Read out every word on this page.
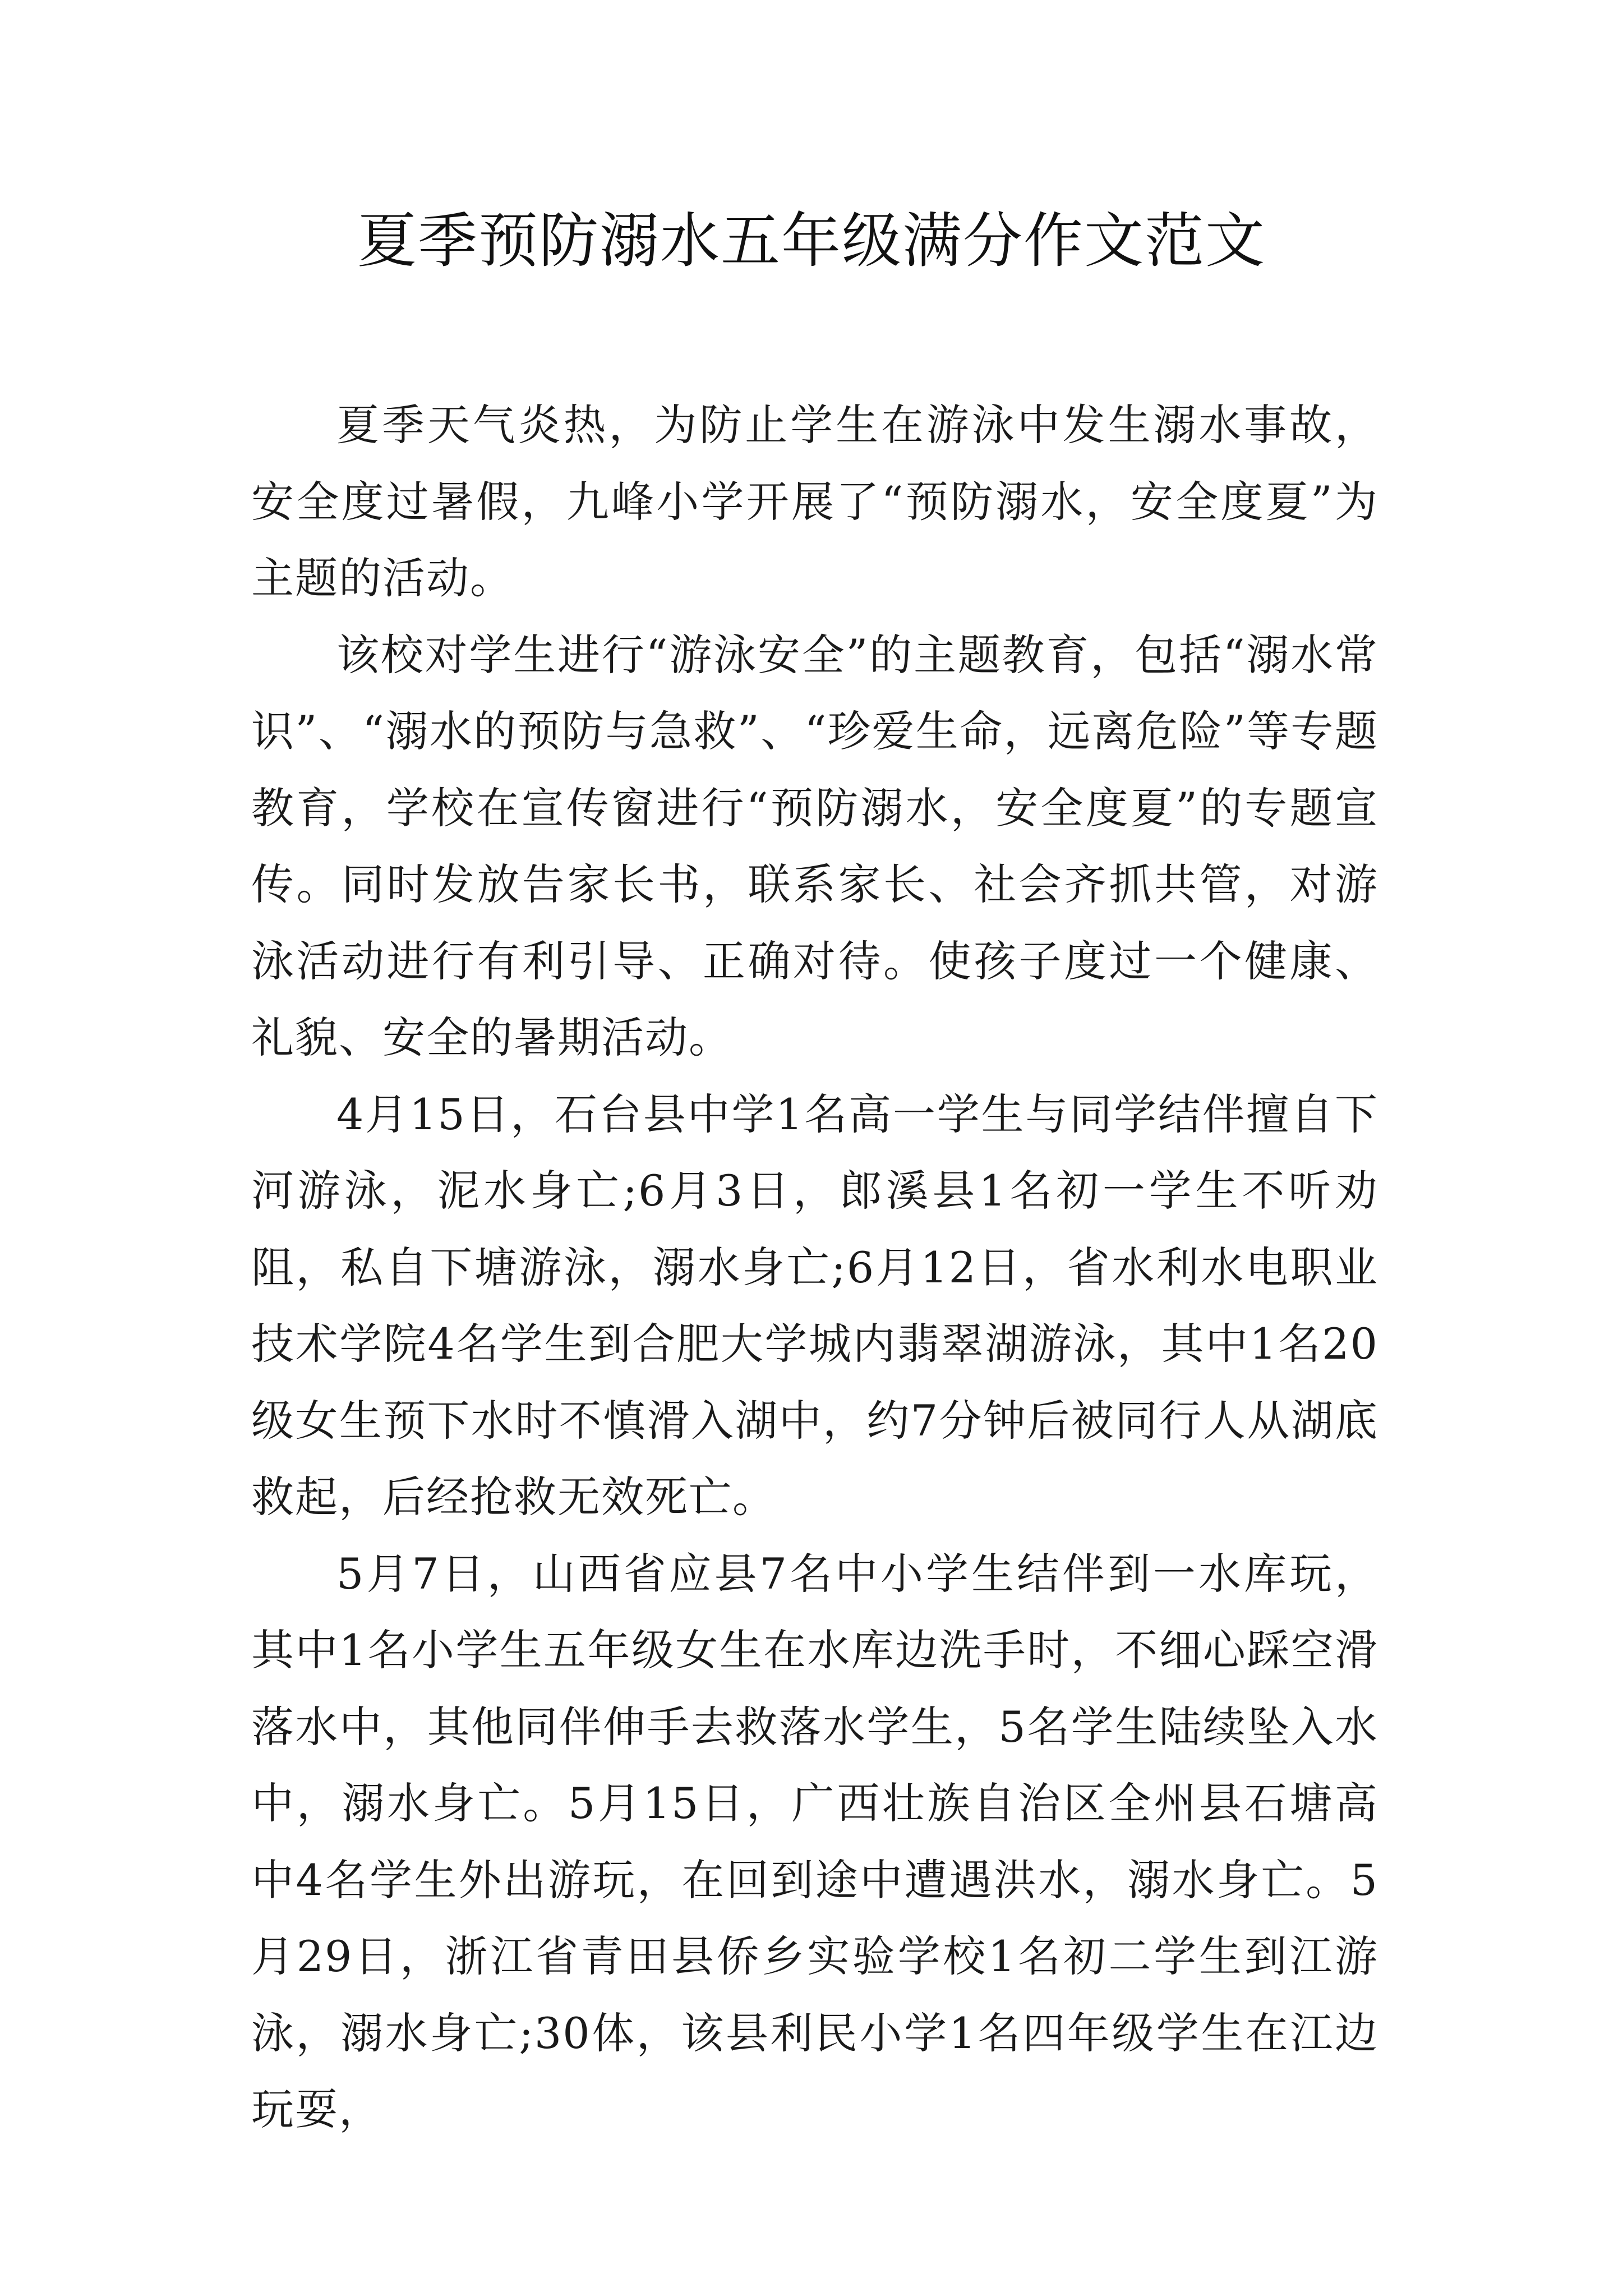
夏季预防溺水五年级满分作文范文

夏季天气炎热，为防止学生在游泳中发生溺水事故，安全度过暑假，九峰小学开展了“预防溺水，安全度夏”为主题的活动。

该校对学生进行“游泳安全”的主题教育，包括“溺水常识”、“溺水的预防与急救”、“珍爱生命，远离危险”等专题教育，学校在宣传窗进行“预防溺水，安全度夏”的专题宣传。同时发放告家长书，联系家长、社会齐抓共管，对游泳活动进行有利引导、正确对待。使孩子度过一个健康、礼貌、安全的暑期活动。

4月15日，石台县中学1名高一学生与同学结伴擅自下河游泳，泥水身亡;6月3日，郎溪县1名初一学生不听劝阻，私自下塘游泳，溺水身亡;6月12日，省水利水电职业技术学院4名学生到合肥大学城内翡翠湖游泳，其中1名20级女生预下水时不慎滑入湖中，约7分钟后被同行人从湖底救起，后经抢救无效死亡。

5月7日，山西省应县7名中小学生结伴到一水库玩，其中1名小学生五年级女生在水库边洗手时，不细心踩空滑落水中，其他同伴伸手去救落水学生，5名学生陆续坠入水中，溺水身亡。5月15日，广西壮族自治区全州县石塘高中4名学生外出游玩，在回到途中遭遇洪水，溺水身亡。5月29日，浙江省青田县侨乡实验学校1名初二学生到江游泳，溺水身亡;30体，该县利民小学1名四年级学生在江边玩耍，
